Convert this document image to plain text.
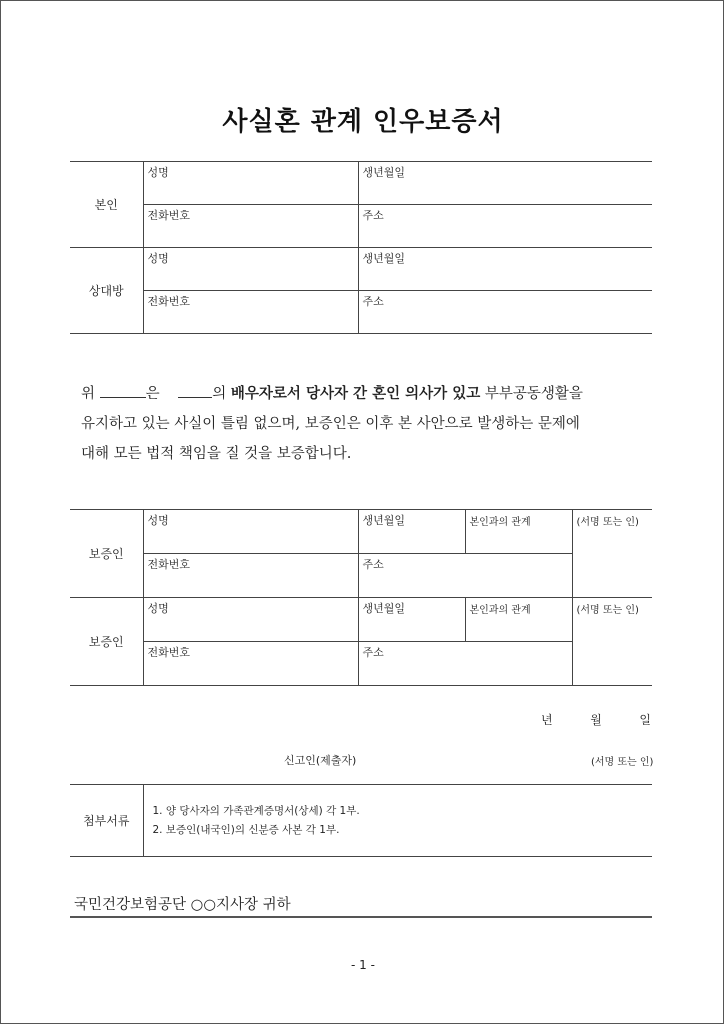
사실혼 관계 인우보증서
본인	성명	생년월일

	전화번호	주소

상대방	성명	생년월일

	전화번호	주소
위	은	의 배우자로서 당사자 간 혼인 의사가 있고 부부공동생활을
유지하고 있는 사실이 틀림 없으며, 보증인은 이후 본 사안으로 발생하는 문제에
대해 모든 법적 책임을 질 것을 보증합니다.
보증인	성명	생년월일	본인과의 관계	(서명 또는 인)

	전화번호	주소		

보증인	성명	생년월일	본인과의 관계	(서명 또는 인)

	전화번호	주소		
년	월	일
신고인(제출자)	(서명 또는 인)
첨부서류	
1. 양 당사자의 가족관계증명서(상세) 각 1부.
2. 보증인(내국인)의 신분증 사본 각 1부.
국민건강보험공단 ○○지사장 귀하
- 1 -
